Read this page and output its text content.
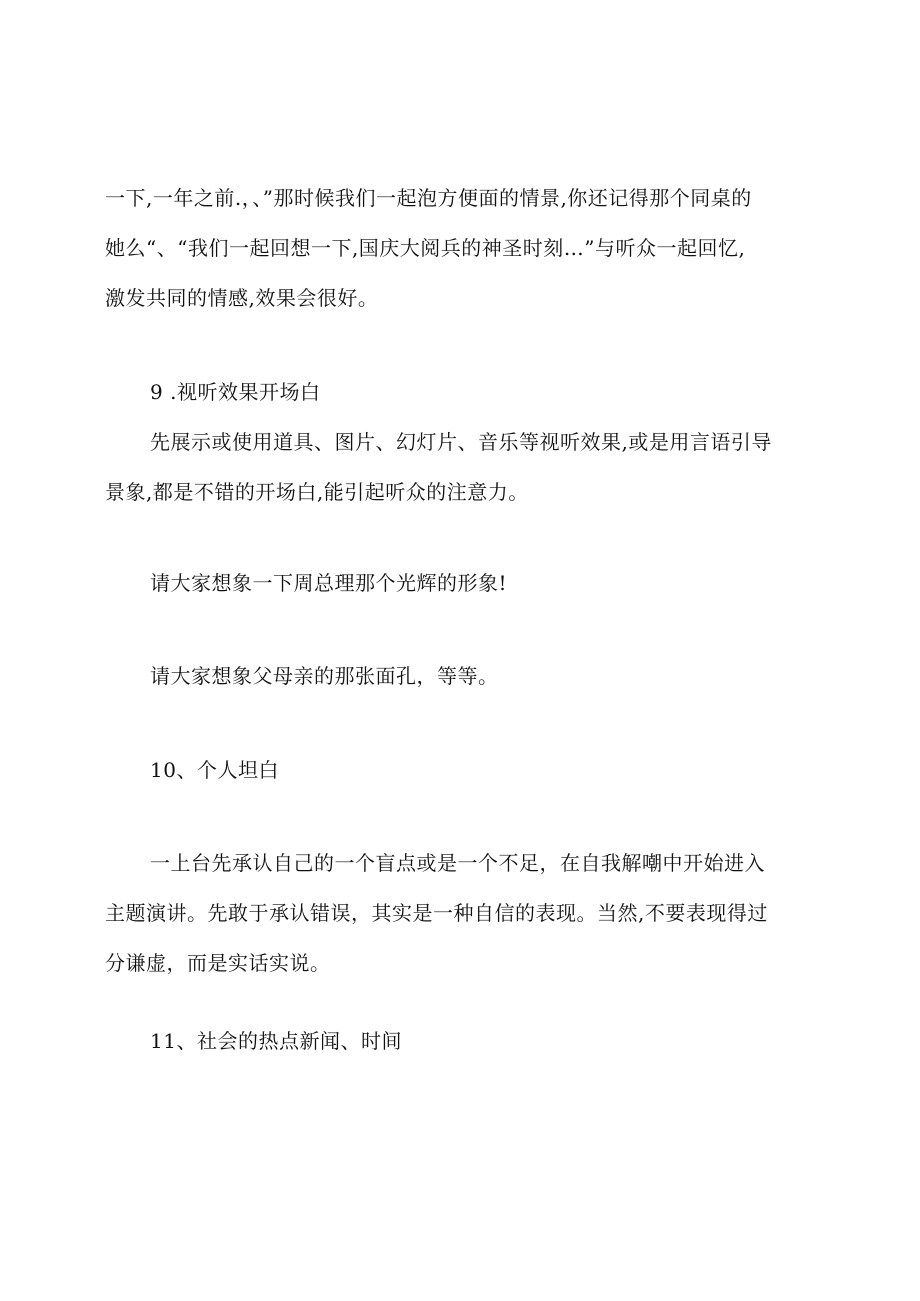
一下,一年之前.，、”那时候我们一起泡方便面的情景,你还记得那个同桌的
她么“、“我们一起回想一下,国庆大阅兵的神圣时刻…”与听众一起回忆,
激发共同的情感,效果会很好。
9 .视听效果开场白
先展示或使用道具、图片、幻灯片、音乐等视听效果,或是用言语引导
景象,都是不错的开场白,能引起听众的注意力。
请大家想象一下周总理那个光辉的形象!
请大家想象父母亲的那张面孔，等等。
10、个人坦白
一上台先承认自己的一个盲点或是一个不足，在自我解嘲中开始进入
主题演讲。先敢于承认错误，其实是一种自信的表现。当然,不要表现得过
分谦虚，而是实话实说。
11、社会的热点新闻、时间
